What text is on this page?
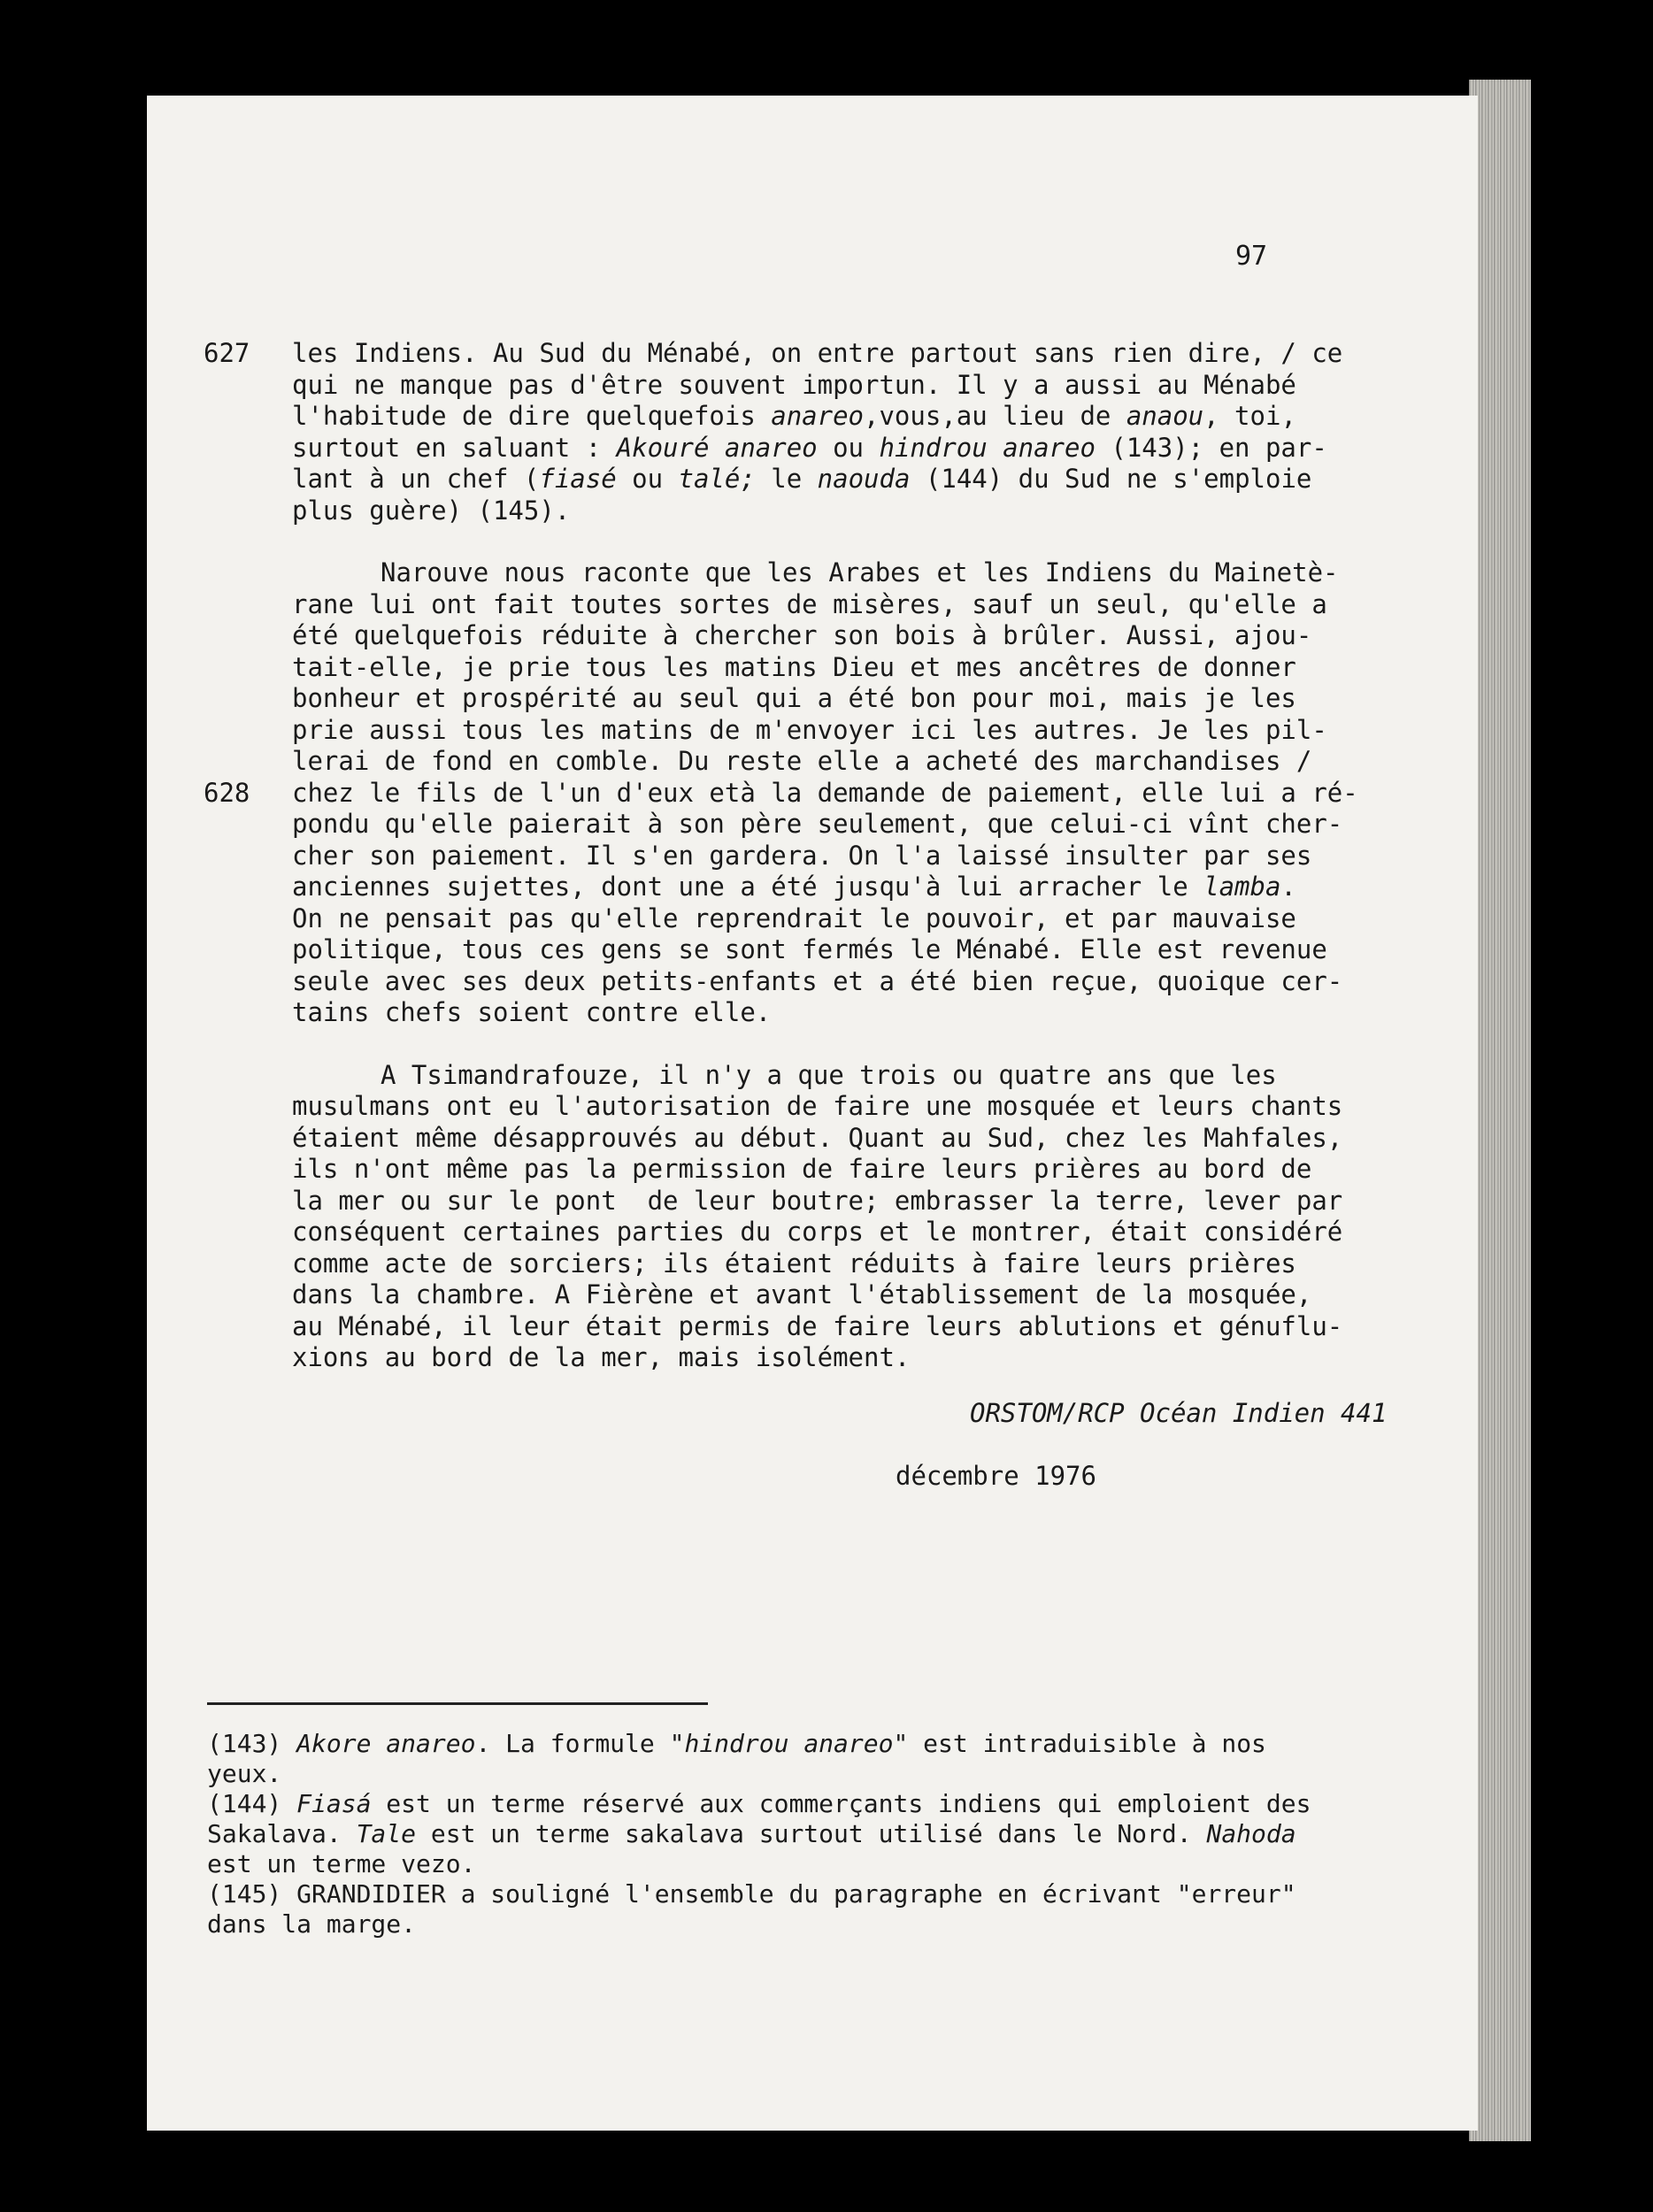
97
627 les Indiens. Au Sud du Ménabé, on entre partout sans rien dire, / ce
qui ne manque pas d'être souvent importun. Il y a aussi au Ménabé
l'habitude de dire quelquefois anareo,vous,au lieu de anaou, toi,
surtout en saluant : Akouré anareo ou hindrou anareo (143); en par-
lant à un chef (fiasé ou talé; le naouda (144) du Sud ne s'emploie
plus guère) (145).
Narouve nous raconte que les Arabes et les Indiens du Mainetè-
rane lui ont fait toutes sortes de misères, sauf un seul, qu'elle a
été quelquefois réduite à chercher son bois à brûler. Aussi, ajou-
tait-elle, je prie tous les matins Dieu et mes ancêtres de donner
bonheur et prospérité au seul qui a été bon pour moi, mais je les
prie aussi tous les matins de m'envoyer ici les autres. Je les pil-
lerai de fond en comble. Du reste elle a acheté des marchandises /
628 chez le fils de l'un d'eux età la demande de paiement, elle lui a ré-
pondu qu'elle paierait à son père seulement, que celui-ci vînt cher-
cher son paiement. Il s'en gardera. On l'a laissé insulter par ses
anciennes sujettes, dont une a été jusqu'à lui arracher le lamba.
On ne pensait pas qu'elle reprendrait le pouvoir, et par mauvaise
politique, tous ces gens se sont fermés le Ménabé. Elle est revenue
seule avec ses deux petits-enfants et a été bien reçue, quoique cer-
tains chefs soient contre elle.
A Tsimandrafouze, il n'y a que trois ou quatre ans que les
musulmans ont eu l'autorisation de faire une mosquée et leurs chants
étaient même désapprouvés au début. Quant au Sud, chez les Mahfales,
ils n'ont même pas la permission de faire leurs prières au bord de
la mer ou sur le pont  de leur boutre; embrasser la terre, lever par
conséquent certaines parties du corps et le montrer, était considéré
comme acte de sorciers; ils étaient réduits à faire leurs prières
dans la chambre. A Fièrène et avant l'établissement de la mosquée,
au Ménabé, il leur était permis de faire leurs ablutions et génuflu-
xions au bord de la mer, mais isolément.
ORSTOM/RCP Océan Indien 441
décembre 1976
(143) Akore anareo. La formule "hindrou anareo" est intraduisible à nos
yeux.
(144) Fiasá est un terme réservé aux commerçants indiens qui emploient des
Sakalava. Tale est un terme sakalava surtout utilisé dans le Nord. Nahoda
est un terme vezo.
(145) GRANDIDIER a souligné l'ensemble du paragraphe en écrivant "erreur"
dans la marge.
